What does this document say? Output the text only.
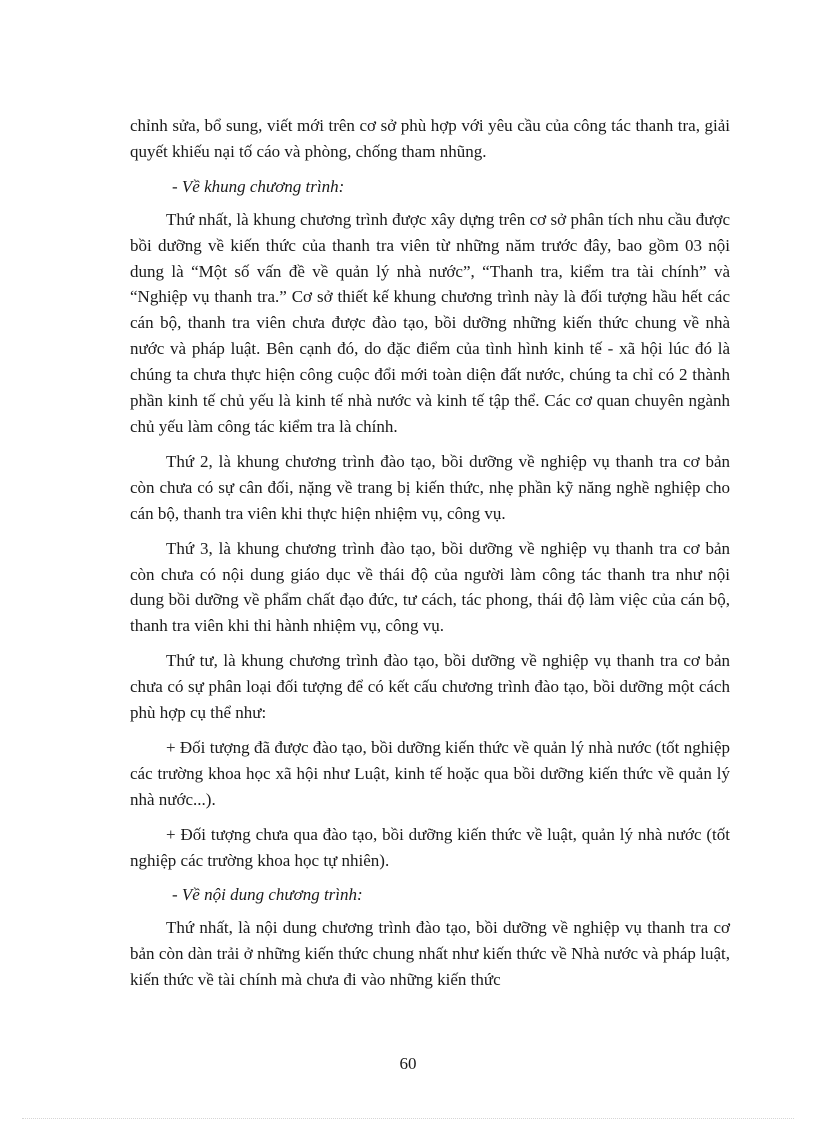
chỉnh sửa, bổ sung, viết mới trên cơ sở phù hợp với yêu cầu của công tác thanh tra, giải quyết khiếu nại tố cáo và phòng, chống tham nhũng.

- Về khung chương trình:

Thứ nhất, là khung chương trình được xây dựng trên cơ sở phân tích nhu cầu được bồi dưỡng về kiến thức của thanh tra viên từ những năm trước đây, bao gồm 03 nội dung là “Một số vấn đề về quản lý nhà nước”, “Thanh tra, kiểm tra tài chính” và “Nghiệp vụ thanh tra.” Cơ sở thiết kế khung chương trình này là đối tượng hầu hết các cán bộ, thanh tra viên chưa được đào tạo, bồi dưỡng những kiến thức chung về nhà nước và pháp luật. Bên cạnh đó, do đặc điểm của tình hình kinh tế - xã hội lúc đó là chúng ta chưa thực hiện công cuộc đổi mới toàn diện đất nước, chúng ta chỉ có 2 thành phần kinh tế chủ yếu là kinh tế nhà nước và kinh tế tập thể. Các cơ quan chuyên ngành chủ yếu làm công tác kiểm tra là chính.

Thứ 2, là khung chương trình đào tạo, bồi dưỡng về nghiệp vụ thanh tra cơ bản còn chưa có sự cân đối, nặng về trang bị kiến thức, nhẹ phần kỹ năng nghề nghiệp cho cán bộ, thanh tra viên khi thực hiện nhiệm vụ, công vụ.

Thứ 3, là khung chương trình đào tạo, bồi dưỡng về nghiệp vụ thanh tra cơ bản còn chưa có nội dung giáo dục về thái độ của người làm công tác thanh tra như nội dung bồi dưỡng về phẩm chất đạo đức, tư cách, tác phong, thái độ làm việc của cán bộ, thanh tra viên khi thi hành nhiệm vụ, công vụ.

Thứ tư, là khung chương trình đào tạo, bồi dưỡng về nghiệp vụ thanh tra cơ bản chưa có sự phân loại đối tượng để có kết cấu chương trình đào tạo, bồi dưỡng một cách phù hợp cụ thể như:

+ Đối tượng đã được đào tạo, bồi dưỡng kiến thức về quản lý nhà nước (tốt nghiệp các trường khoa học xã hội như Luật, kinh tế hoặc qua bồi dưỡng kiến thức về quản lý nhà nước...).

+ Đối tượng chưa qua đào tạo, bồi dưỡng kiến thức về luật, quản lý nhà nước (tốt nghiệp các trường khoa học tự nhiên).

- Về nội dung chương trình:

Thứ nhất, là nội dung chương trình đào tạo, bồi dưỡng về nghiệp vụ thanh tra cơ bản còn dàn trải ở những kiến thức chung nhất như kiến thức về Nhà nước và pháp luật, kiến thức về tài chính mà chưa đi vào những kiến thức

60
